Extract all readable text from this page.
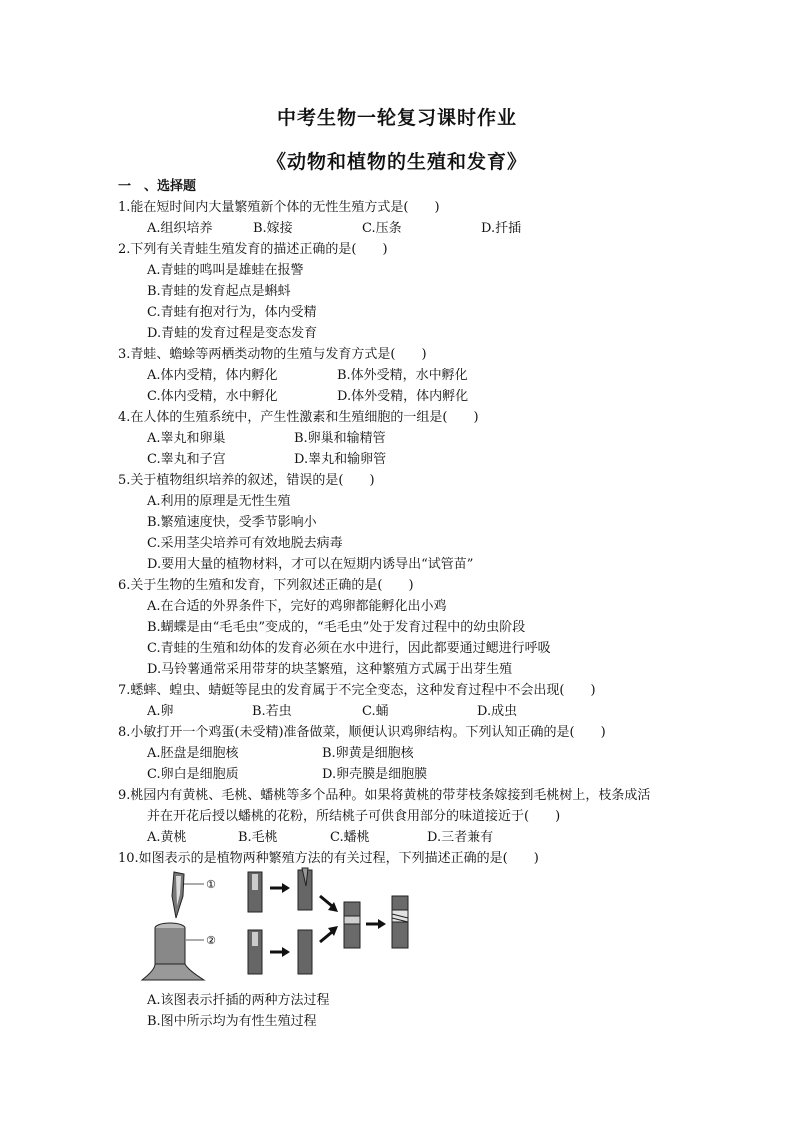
中考生物一轮复习课时作业
《动物和植物的生殖和发育》
一　、选择题
1.能在短时间内大量繁殖新个体的无性生殖方式是(　　)
A.组织培养	B.嫁接	C.压条	D.扦插
2.下列有关青蛙生殖发育的描述正确的是(　　)
A.青蛙的鸣叫是雄蛙在报警
B.青蛙的发育起点是蝌蚪
C.青蛙有抱对行为，体内受精
D.青蛙的发育过程是变态发育
3.青蛙、蟾蜍等两栖类动物的生殖与发育方式是(　　)
A.体内受精，体内孵化	B.体外受精，水中孵化
C.体内受精，水中孵化	D.体外受精，体内孵化
4.在人体的生殖系统中，产生性激素和生殖细胞的一组是(　　)
A.睾丸和卵巢	B.卵巢和输精管
C.睾丸和子宫	D.睾丸和输卵管
5.关于植物组织培养的叙述，错误的是(　　)
A.利用的原理是无性生殖
B.繁殖速度快，受季节影响小
C.采用茎尖培养可有效地脱去病毒
D.要用大量的植物材料，才可以在短期内诱导出“试管苗”
6.关于生物的生殖和发育，下列叙述正确的是(　　)
A.在合适的外界条件下，完好的鸡卵都能孵化出小鸡
B.蝴蝶是由“毛毛虫”变成的，“毛毛虫”处于发育过程中的幼虫阶段
C.青蛙的生殖和幼体的发育必须在水中进行，因此都要通过鳃进行呼吸
D.马铃薯通常采用带芽的块茎繁殖，这种繁殖方式属于出芽生殖
7.蟋蟀、蝗虫、蜻蜓等昆虫的发育属于不完全变态，这种发育过程中不会出现(　　)
A.卵	B.若虫	C.蛹	D.成虫
8.小敏打开一个鸡蛋(未受精)准备做菜，顺便认识鸡卵结构。下列认知正确的是(　　)
A.胚盘是细胞核	B.卵黄是细胞核
C.卵白是细胞质	D.卵壳膜是细胞膜
9.桃园内有黄桃、毛桃、蟠桃等多个品种。如果将黄桃的带芽枝条嫁接到毛桃树上，枝条成活
并在开花后授以蟠桃的花粉，所结桃子可供食用部分的味道接近于(　　)
A.黄桃	B.毛桃	C.蟠桃	D.三者兼有
10.如图表示的是植物两种繁殖方法的有关过程，下列描述正确的是(　　)
①
②
A.该图表示扦插的两种方法过程
B.图中所示均为有性生殖过程
